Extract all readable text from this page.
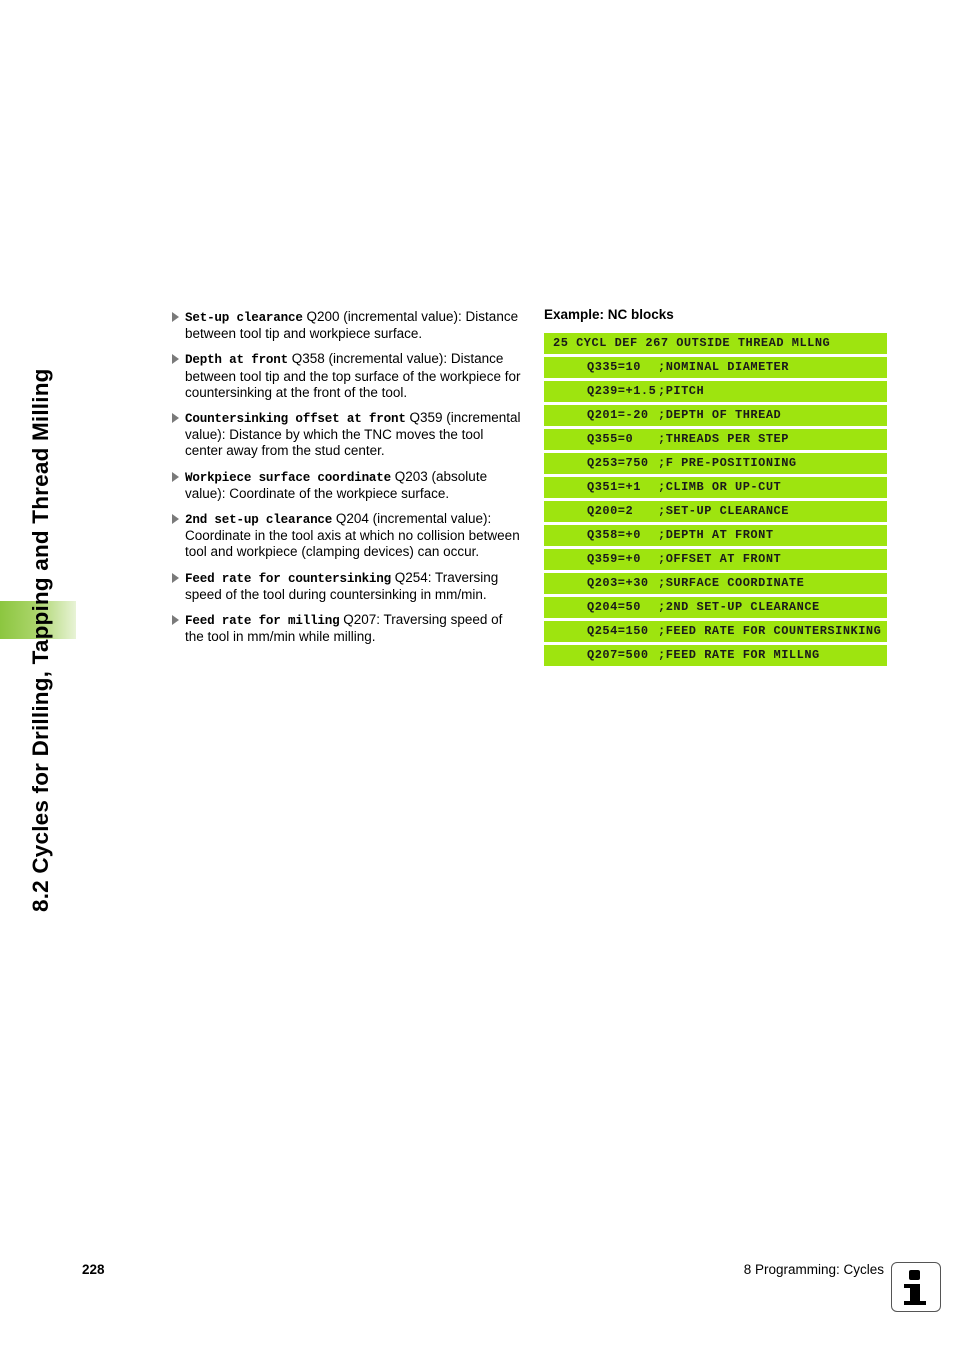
8.2 Cycles for Drilling, Tapping and Thread Milling
Set-up clearance Q200 (incremental value): Distance between tool tip and workpiece surface.
Depth at front Q358 (incremental value): Distance between tool tip and the top surface of the workpiece for countersinking at the front of the tool.
Countersinking offset at front Q359 (incremental value): Distance by which the TNC moves the tool center away from the stud center.
Workpiece surface coordinate Q203 (absolute value): Coordinate of the workpiece surface.
2nd set-up clearance Q204 (incremental value): Coordinate in the tool axis at which no collision between tool and workpiece (clamping devices) can occur.
Feed rate for countersinking Q254: Traversing speed of the tool during countersinking in mm/min.
Feed rate for milling Q207: Traversing speed of the tool in mm/min while milling.
Example: NC blocks
25 CYCL DEF 267 OUTSIDE THREAD MLLNG
Q335=10 ;NOMINAL DIAMETER
Q239=+1.5 ;PITCH
Q201=-20 ;DEPTH OF THREAD
Q355=0 ;THREADS PER STEP
Q253=750 ;F PRE-POSITIONING
Q351=+1 ;CLIMB OR UP-CUT
Q200=2 ;SET-UP CLEARANCE
Q358=+0 ;DEPTH AT FRONT
Q359=+0 ;OFFSET AT FRONT
Q203=+30 ;SURFACE COORDINATE
Q204=50 ;2ND SET-UP CLEARANCE
Q254=150 ;FEED RATE FOR COUNTERSINKING
Q207=500 ;FEED RATE FOR MILLNG
228	8 Programming: Cycles
